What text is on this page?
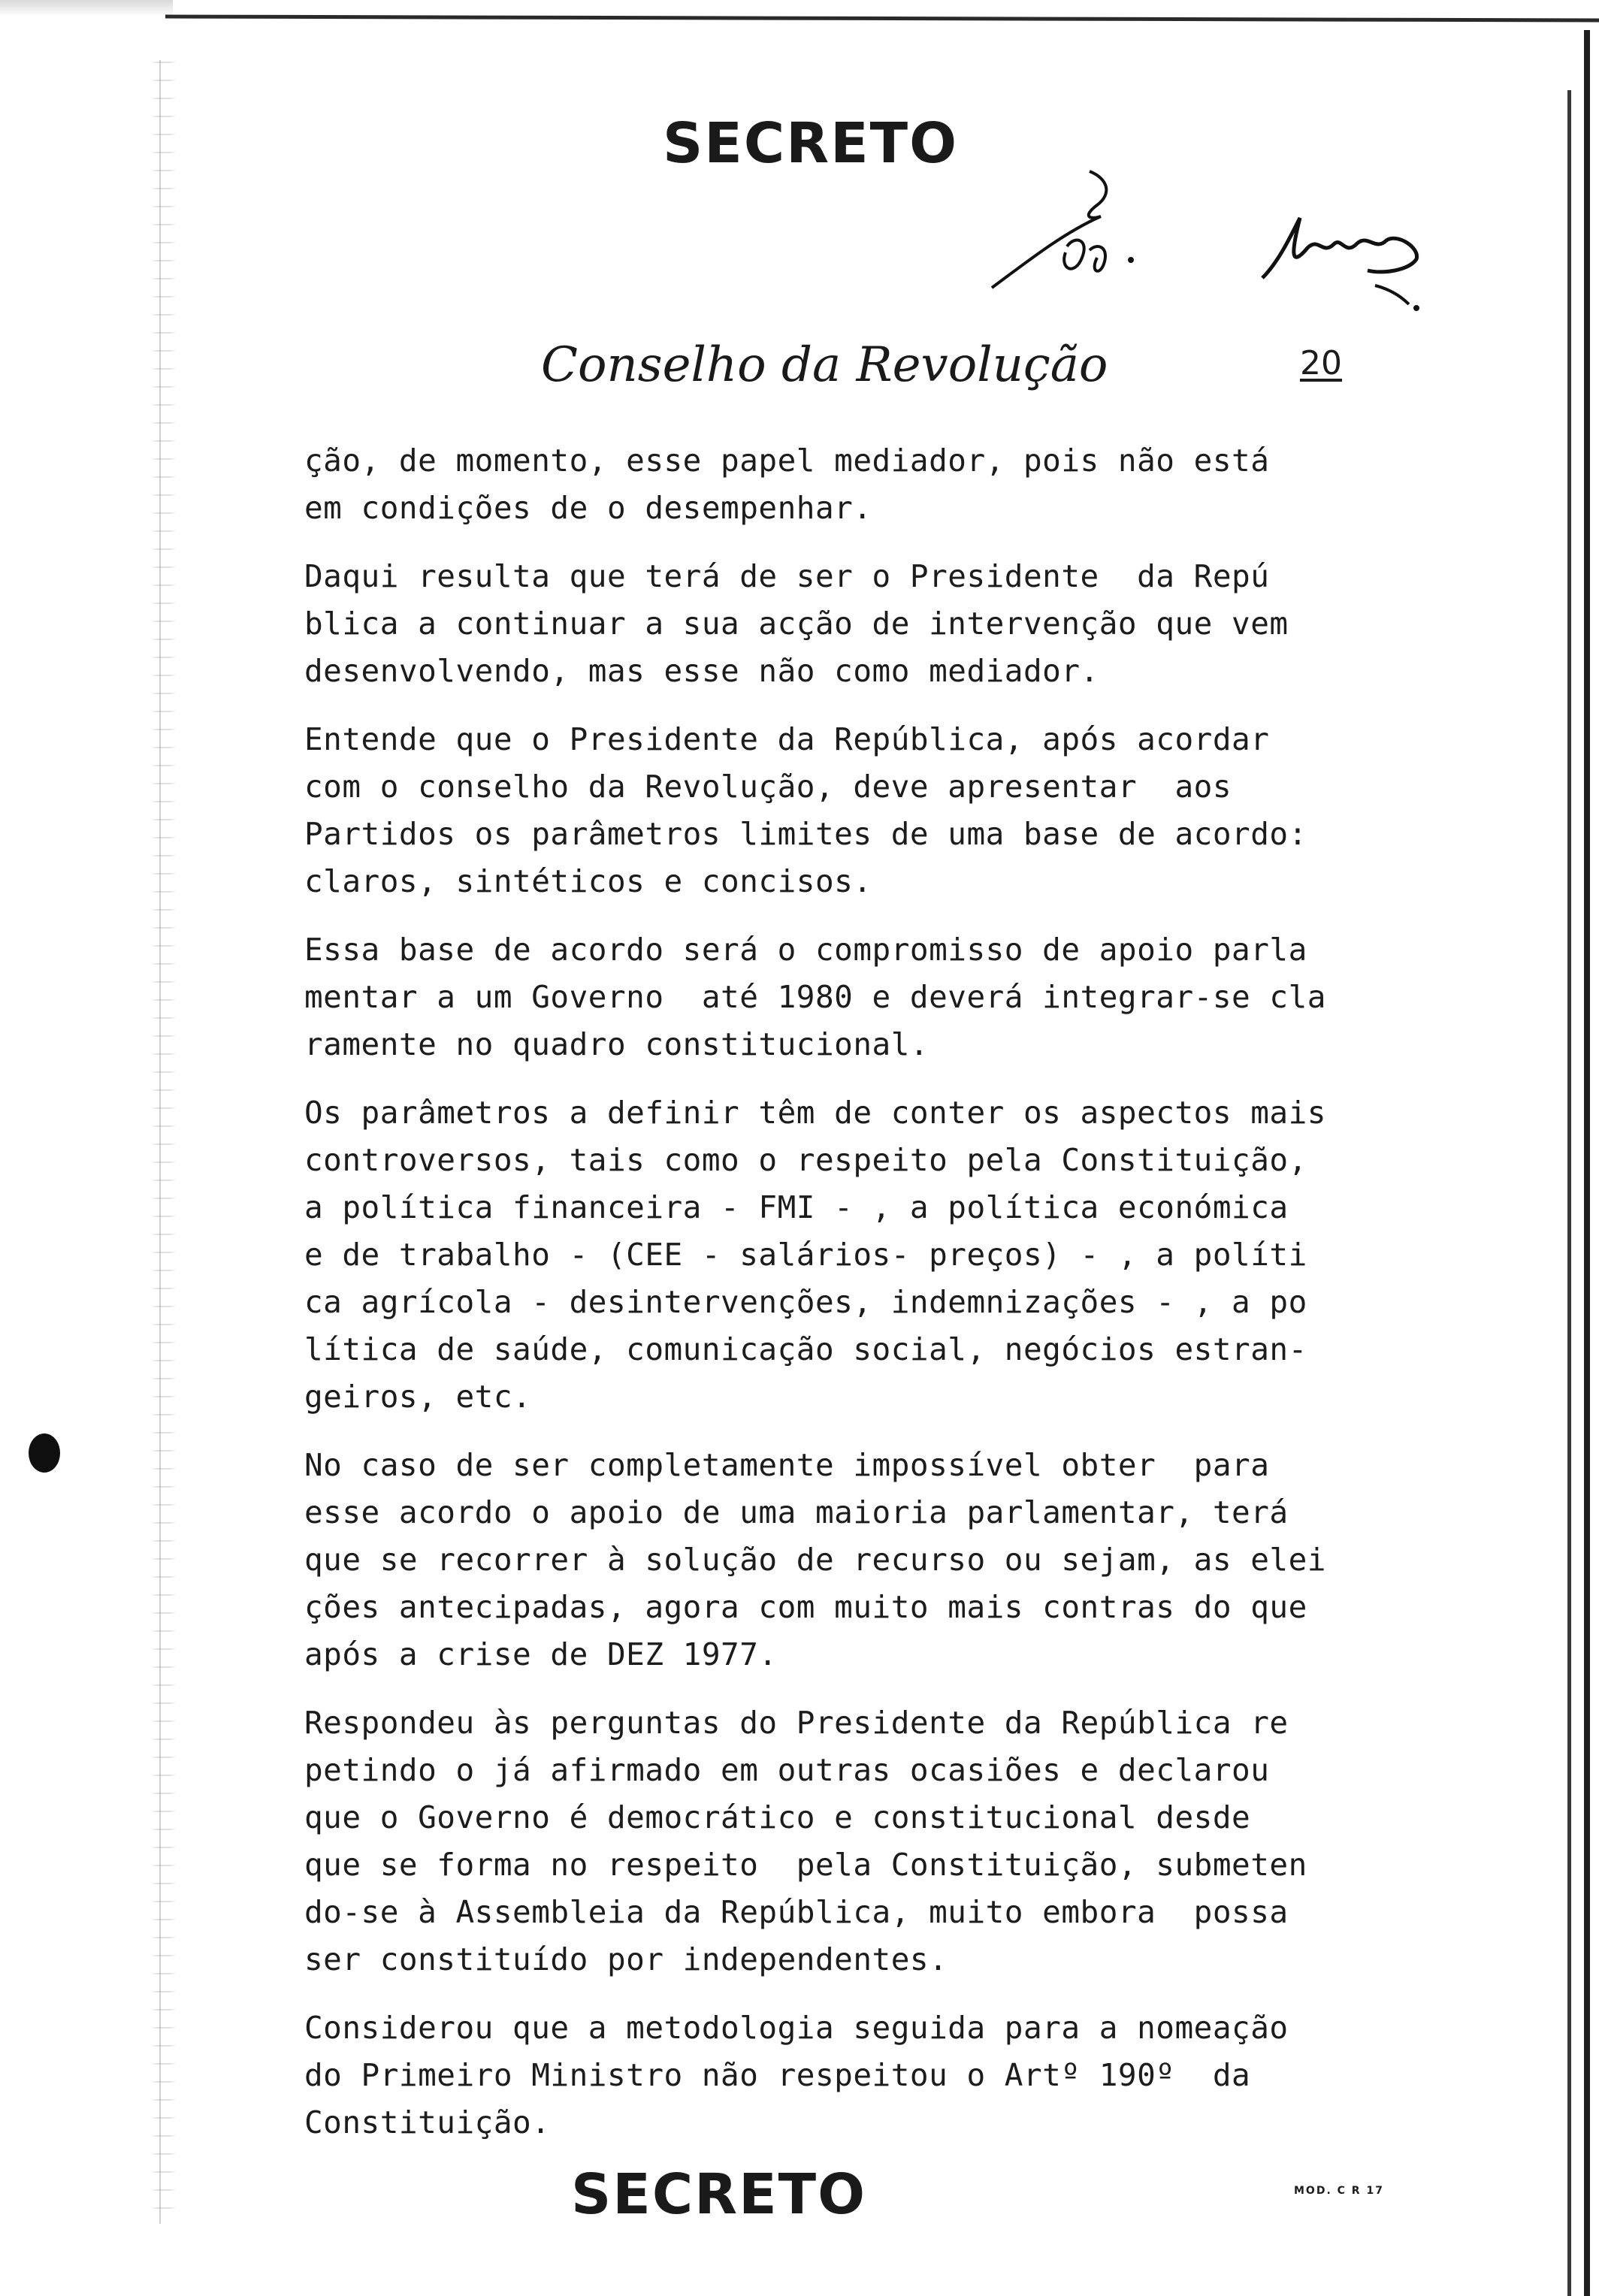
SECRETO
Conselho da Revolução	20
ção, de momento, esse papel mediador, pois não está
em condições de o desempenhar.
Daqui resulta que terá de ser o Presidente  da Repú
blica a continuar a sua acção de intervenção que vem
desenvolvendo, mas esse não como mediador.
Entende que o Presidente da República, após acordar
com o conselho da Revolução, deve apresentar  aos
Partidos os parâmetros limites de uma base de acordo:
claros, sintéticos e concisos.
Essa base de acordo será o compromisso de apoio parla
mentar a um Governo  até 1980 e deverá integrar-se cla
ramente no quadro constitucional.
Os parâmetros a definir têm de conter os aspectos mais
controversos, tais como o respeito pela Constituição,
a política financeira - FMI - , a política económica
e de trabalho - (CEE - salários- preços) - , a políti
ca agrícola - desintervenções, indemnizações - , a po
lítica de saúde, comunicação social, negócios estran-
geiros, etc.
No caso de ser completamente impossível obter  para
esse acordo o apoio de uma maioria parlamentar, terá
que se recorrer à solução de recurso ou sejam, as elei
ções antecipadas, agora com muito mais contras do que
após a crise de DEZ 1977.
Respondeu às perguntas do Presidente da República re
petindo o já afirmado em outras ocasiões e declarou
que o Governo é democrático e constitucional desde
que se forma no respeito  pela Constituição, submeten
do-se à Assembleia da República, muito embora  possa
ser constituído por independentes.
Considerou que a metodologia seguida para a nomeação
do Primeiro Ministro não respeitou o Artº 190º  da
Constituição.
SECRETO	MOD. C R 17
